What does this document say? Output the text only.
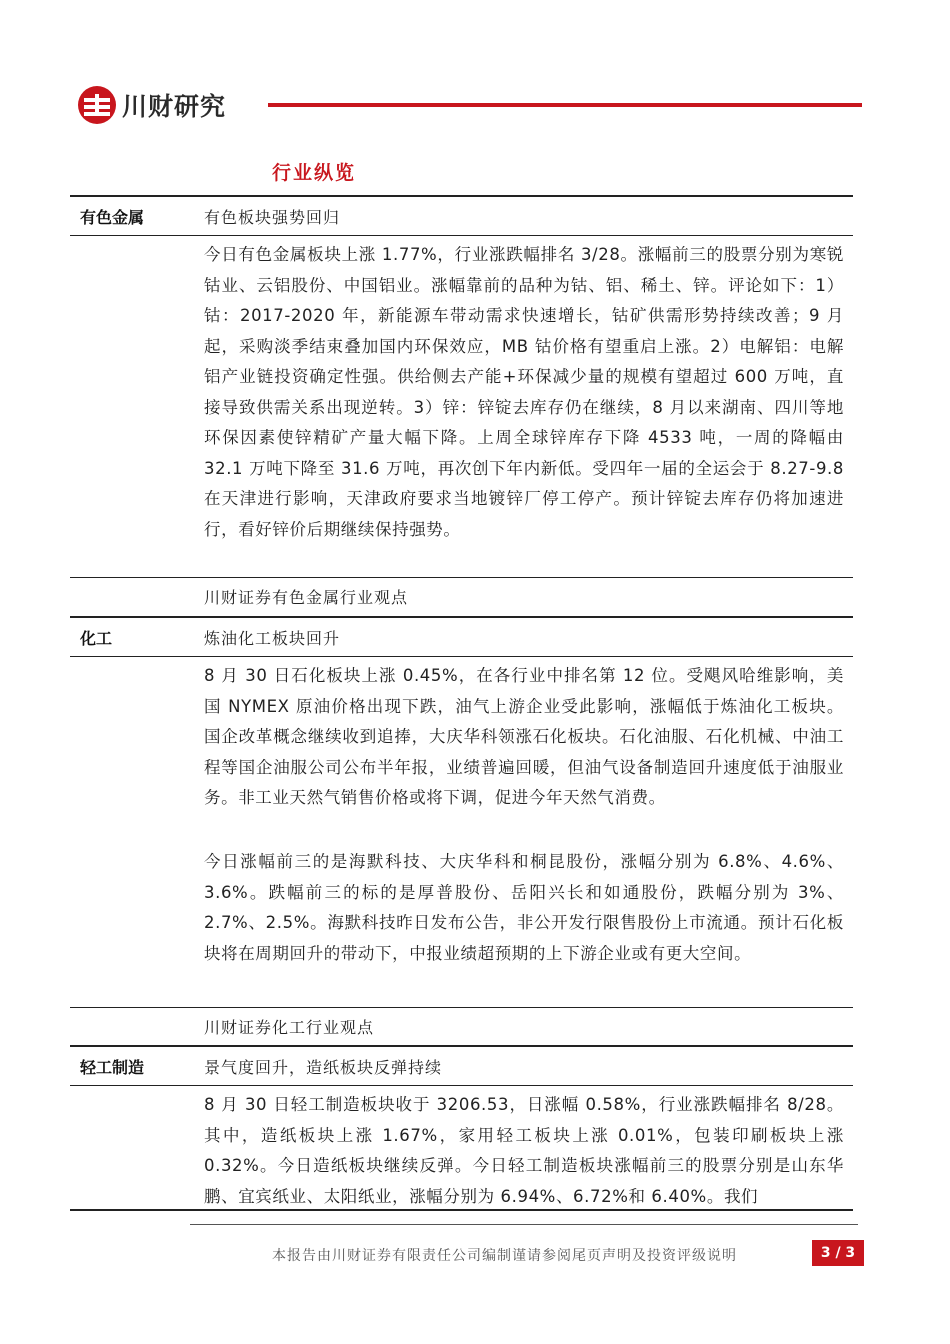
川财研究
行业纵览
有色金属	有色板块强势回归

今日有色金属板块上涨 1.77%，行业涨跌幅排名 3/28。涨幅前三的股票分别为寒锐钴业、云铝股份、中国铝业。涨幅靠前的品种为钴、铝、稀土、锌。评论如下：1）钴：2017-2020 年，新能源车带动需求快速增长，钴矿供需形势持续改善；9 月起，采购淡季结束叠加国内环保效应，MB 钴价格有望重启上涨。2）电解铝：电解铝产业链投资确定性强。供给侧去产能+环保减少量的规模有望超过 600 万吨，直接导致供需关系出现逆转。3）锌：锌锭去库存仍在继续，8 月以来湖南、四川等地环保因素使锌精矿产量大幅下降。上周全球锌库存下降 4533 吨，一周的降幅由 32.1 万吨下降至 31.6 万吨，再次创下年内新低。受四年一届的全运会于 8.27-9.8 在天津进行影响，天津政府要求当地镀锌厂停工停产。预计锌锭去库存仍将加速进行，看好锌价后期继续保持强势。

川财证券有色金属行业观点
化工	炼油化工板块回升

8 月 30 日石化板块上涨 0.45%，在各行业中排名第 12 位。受飓风哈维影响，美国 NYMEX 原油价格出现下跌，油气上游企业受此影响，涨幅低于炼油化工板块。 国企改革概念继续收到追捧，大庆华科领涨石化板块。石化油服、石化机械、中油工程等国企油服公司公布半年报，业绩普遍回暖，但油气设备制造回升速度低于油服业务。非工业天然气销售价格或将下调，促进今年天然气消费。

今日涨幅前三的是海默科技、大庆华科和桐昆股份，涨幅分别为 6.8%、4.6%、3.6%。跌幅前三的标的是厚普股份、岳阳兴长和如通股份，跌幅分别为 3%、2.7%、2.5%。海默科技昨日发布公告，非公开发行限售股份上市流通。预计石化板块将在周期回升的带动下，中报业绩超预期的上下游企业或有更大空间。

川财证券化工行业观点
轻工制造	景气度回升，造纸板块反弹持续

8 月 30 日轻工制造板块收于 3206.53，日涨幅 0.58%，行业涨跌幅排名 8/28。其中，造纸板块上涨 1.67%，家用轻工板块上涨 0.01%，包装印刷板块上涨 0.32%。今日造纸板块继续反弹。今日轻工制造板块涨幅前三的股票分别是山东华鹏、宜宾纸业、太阳纸业，涨幅分别为 6.94%、6.72%和 6.40%。我们

本报告由川财证券有限责任公司编制谨请参阅尾页声明及投资评级说明	3 / 3
